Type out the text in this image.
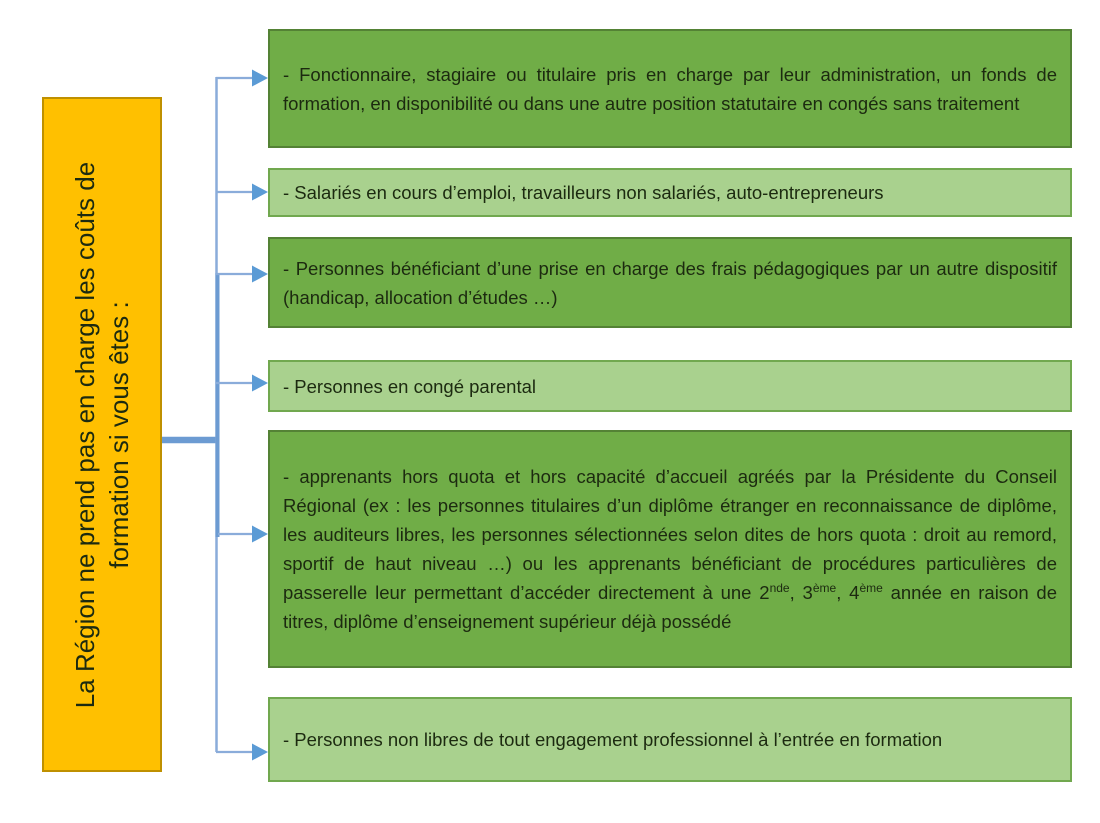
La Région ne prend pas en charge les coûts de formation si vous êtes :

- Fonctionnaire, stagiaire ou titulaire pris en charge par leur administration, un fonds de formation, en disponibilité ou dans une autre position statutaire en congés sans traitement

- Salariés en cours d’emploi, travailleurs non salariés, auto-entrepreneurs

- Personnes bénéficiant d’une prise en charge des frais pédagogiques par un autre dispositif (handicap, allocation d’études …)

- Personnes en congé parental

- apprenants hors quota et hors capacité d’accueil agréés par la Présidente du Conseil Régional (ex : les personnes titulaires d’un diplôme étranger en reconnaissance de diplôme, les auditeurs libres, les personnes sélectionnées selon dites de hors quota : droit au remord, sportif de haut niveau …) ou les apprenants bénéficiant de procédures particulières de passerelle leur permettant d’accéder directement à une 2nde, 3ème, 4ème année en raison de titres, diplôme d’enseignement supérieur déjà possédé

- Personnes non libres de tout engagement professionnel à l’entrée en formation
